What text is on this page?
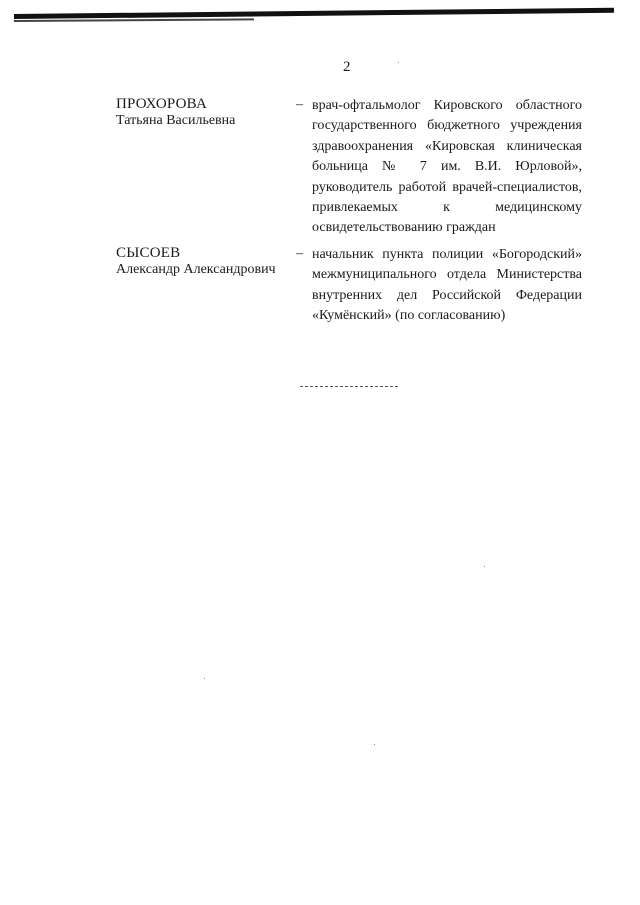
2
ПРОХОРОВА
Татьяна Васильевна
– врач-офтальмолог Кировского областного государственного бюджетного учреждения здравоохранения «Кировская клиническая больница № 7 им. В.И. Юрловой», руководитель работой врачей-специалистов, привлекаемых к медицинскому освидетельствованию граждан

СЫСОЕВ
Александр Александрович
– начальник пункта полиции «Богородский» межмуниципального отдела Министерства внутренних дел Российской Федерации «Кумёнский» (по согласованию)
